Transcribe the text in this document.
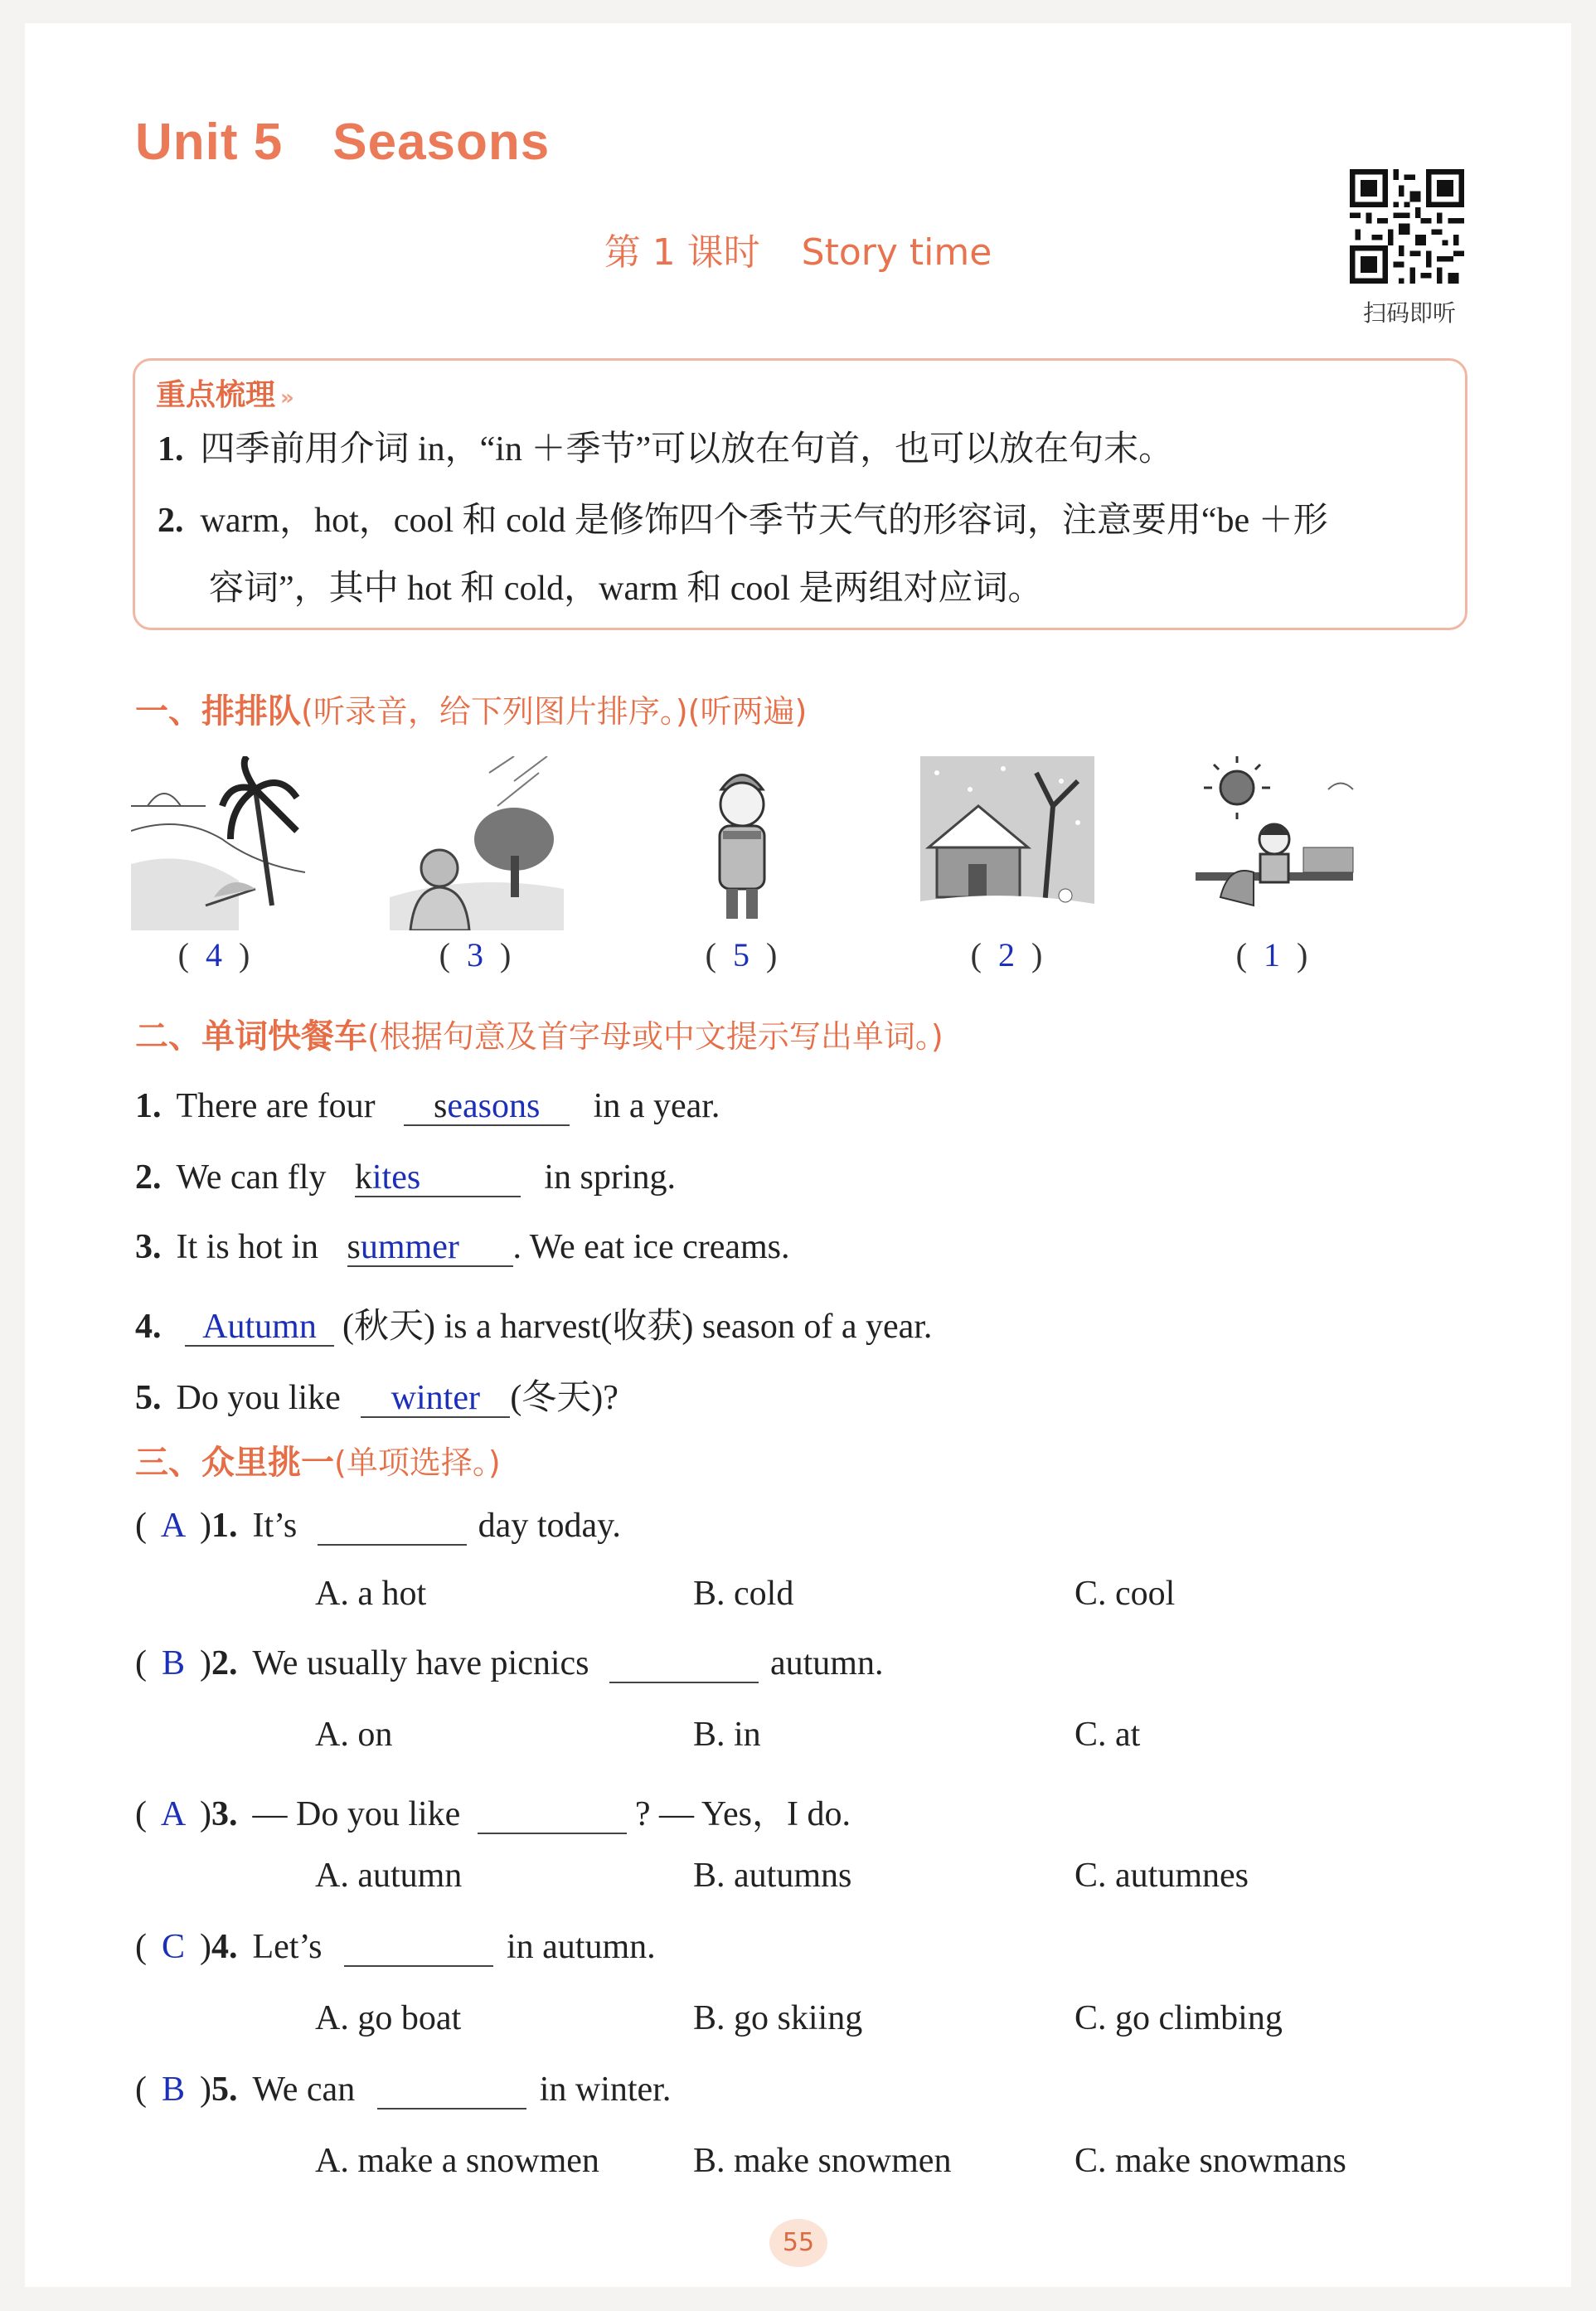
Unit 5 Seasons
第 1 课时 Story time
扫码即听
重点梳理 »
1. 四季前用介词 in，“in ＋季节”可以放在句首，也可以放在句末。
2. warm，hot，cool 和 cold 是修饰四个季节天气的形容词，注意要用“be ＋形
容词”，其中 hot 和 cold，warm 和 cool 是两组对应词。
一、排排队(听录音，给下列图片排序。)(听两遍)
( 4 )	( 3 )	( 5 )	( 2 )	( 1 )
二、单词快餐车(根据句意及首字母或中文提示写出单词。)
1. There are four seasons in a year.
2. We can fly kites	in spring.
3. It is hot in summer . We eat ice creams.
4. Autumn (秋天) is a harvest(收获) season of a year.
5. Do you like winter (冬天)?
三、众里挑一(单项选择。)
( A )1. It’s	day today.
A. a hot	B. cold	C. cool
( B )2. We usually have picnics	autumn.
A. on	B. in	C. at
( A )3. — Do you like	? — Yes，I do.
A. autumn	B. autumns	C. autumnes
( C )4. Let’s	in autumn.
A. go boat	B. go skiing	C. go climbing
( B )5. We can	in winter.
A. make a snowmen	B. make snowmen	C. make snowmans
55
